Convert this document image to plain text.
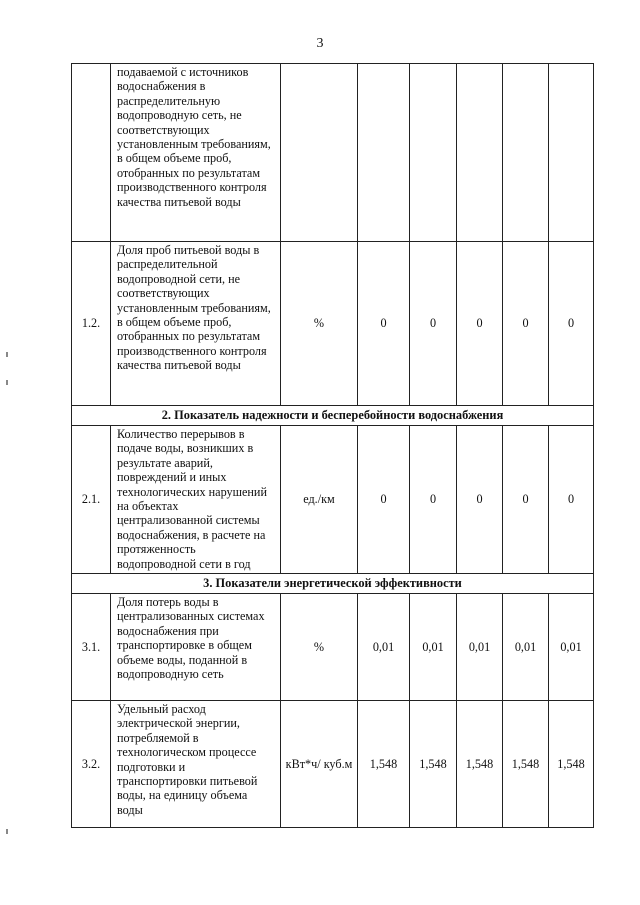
3
	подаваемой с источников водоснабжения в распределительную водопроводную сеть, не соответствующих установленным требованиям, в общем объеме проб, отобранных по результатам производственного контроля качества питьевой воды						
1.2.	Доля проб питьевой воды в распределительной водопроводной сети, не соответствующих установленным требованиям, в общем объеме проб, отобранных по результатам производственного контроля качества питьевой воды	%	0	0	0	0	0
2. Показатель надежности и бесперебойности водоснабжения							
2.1.	Количество перерывов в подаче воды, возникших в результате аварий, повреждений и иных технологических нарушений на объектах централизованной системы водоснабжения, в расчете на протяженность водопроводной сети в год	ед./км	0	0	0	0	0
3. Показатели энергетической эффективности							
3.1.	Доля потерь воды в централизованных системах водоснабжения при транспортировке в общем объеме воды, поданной в водопроводную сеть	%	0,01	0,01	0,01	0,01	0,01
3.2.	Удельный расход электрической энергии, потребляемой в технологическом процессе подготовки и транспортировки питьевой воды, на единицу объема воды	кВт*ч/ куб.м	1,548	1,548	1,548	1,548	1,548
